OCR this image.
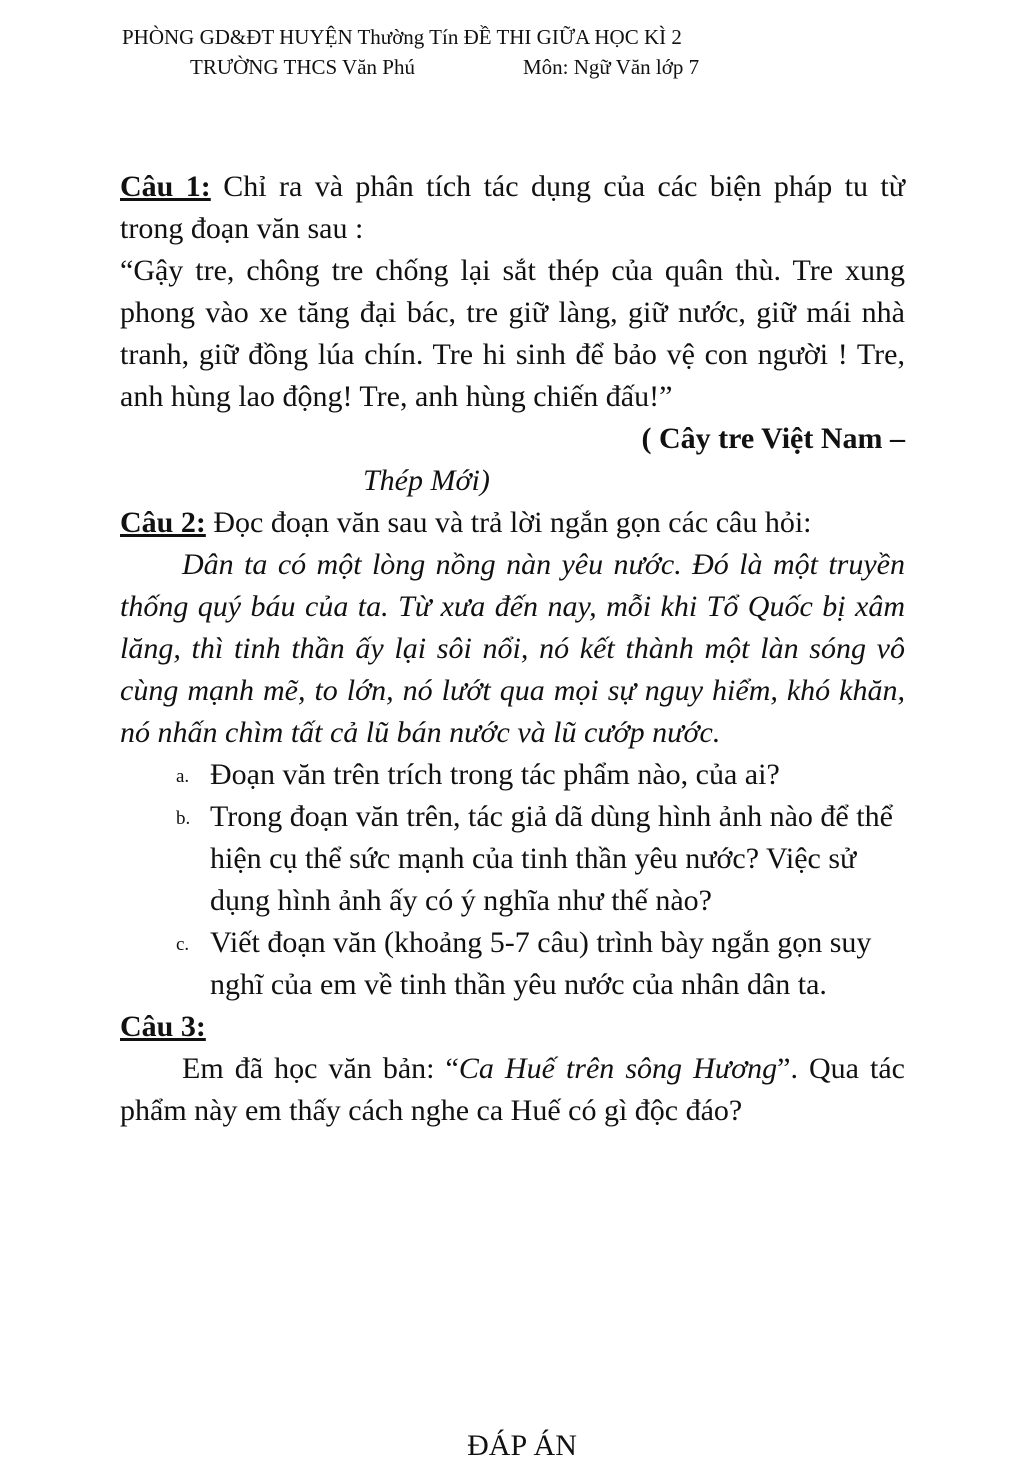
PHÒNG GD&ĐT HUYỆN Thường Tín ĐỀ THI GIỮA HỌC KÌ 2
TRƯỜNG THCS Văn Phú	Môn: Ngữ Văn lớp 7

Câu 1: Chỉ ra và phân tích tác dụng của các biện pháp tu từ trong đoạn văn sau :

“Gậy tre, chông tre chống lại sắt thép của quân thù. Tre xung phong vào xe tăng đại bác, tre giữ làng, giữ nước, giữ mái nhà tranh, giữ đồng lúa chín. Tre hi sinh để bảo vệ con người ! Tre, anh hùng lao động! Tre, anh hùng chiến đấu!”

( Cây tre Việt Nam –

Thép Mới)

Câu 2: Đọc đoạn văn sau và trả lời ngắn gọn các câu hỏi:

Dân ta có một lòng nồng nàn yêu nước. Đó là một truyền thống quý báu của ta. Từ xưa đến nay, mỗi khi Tổ Quốc bị xâm lăng, thì tinh thần ấy lại sôi nổi, nó kết thành một làn sóng vô cùng mạnh mẽ, to lớn, nó lướt qua mọi sự nguy hiểm, khó khăn, nó nhấn chìm tất cả lũ bán nước và lũ cướp nước.

a. Đoạn văn trên trích trong tác phẩm nào, của ai?

b. Trong đoạn văn trên, tác giả dã dùng hình ảnh nào để thể hiện cụ thể sức mạnh của tinh thần yêu nước? Việc sử dụng hình ảnh ấy có ý nghĩa như thế nào?

c. Viết đoạn văn (khoảng 5-7 câu) trình bày ngắn gọn suy nghĩ của em về tinh thần yêu nước của nhân dân ta.

Câu 3:

Em đã học văn bản: “Ca Huế trên sông Hương”. Qua tác phẩm này em thấy cách nghe ca Huế có gì độc đáo?

ĐÁP ÁN
